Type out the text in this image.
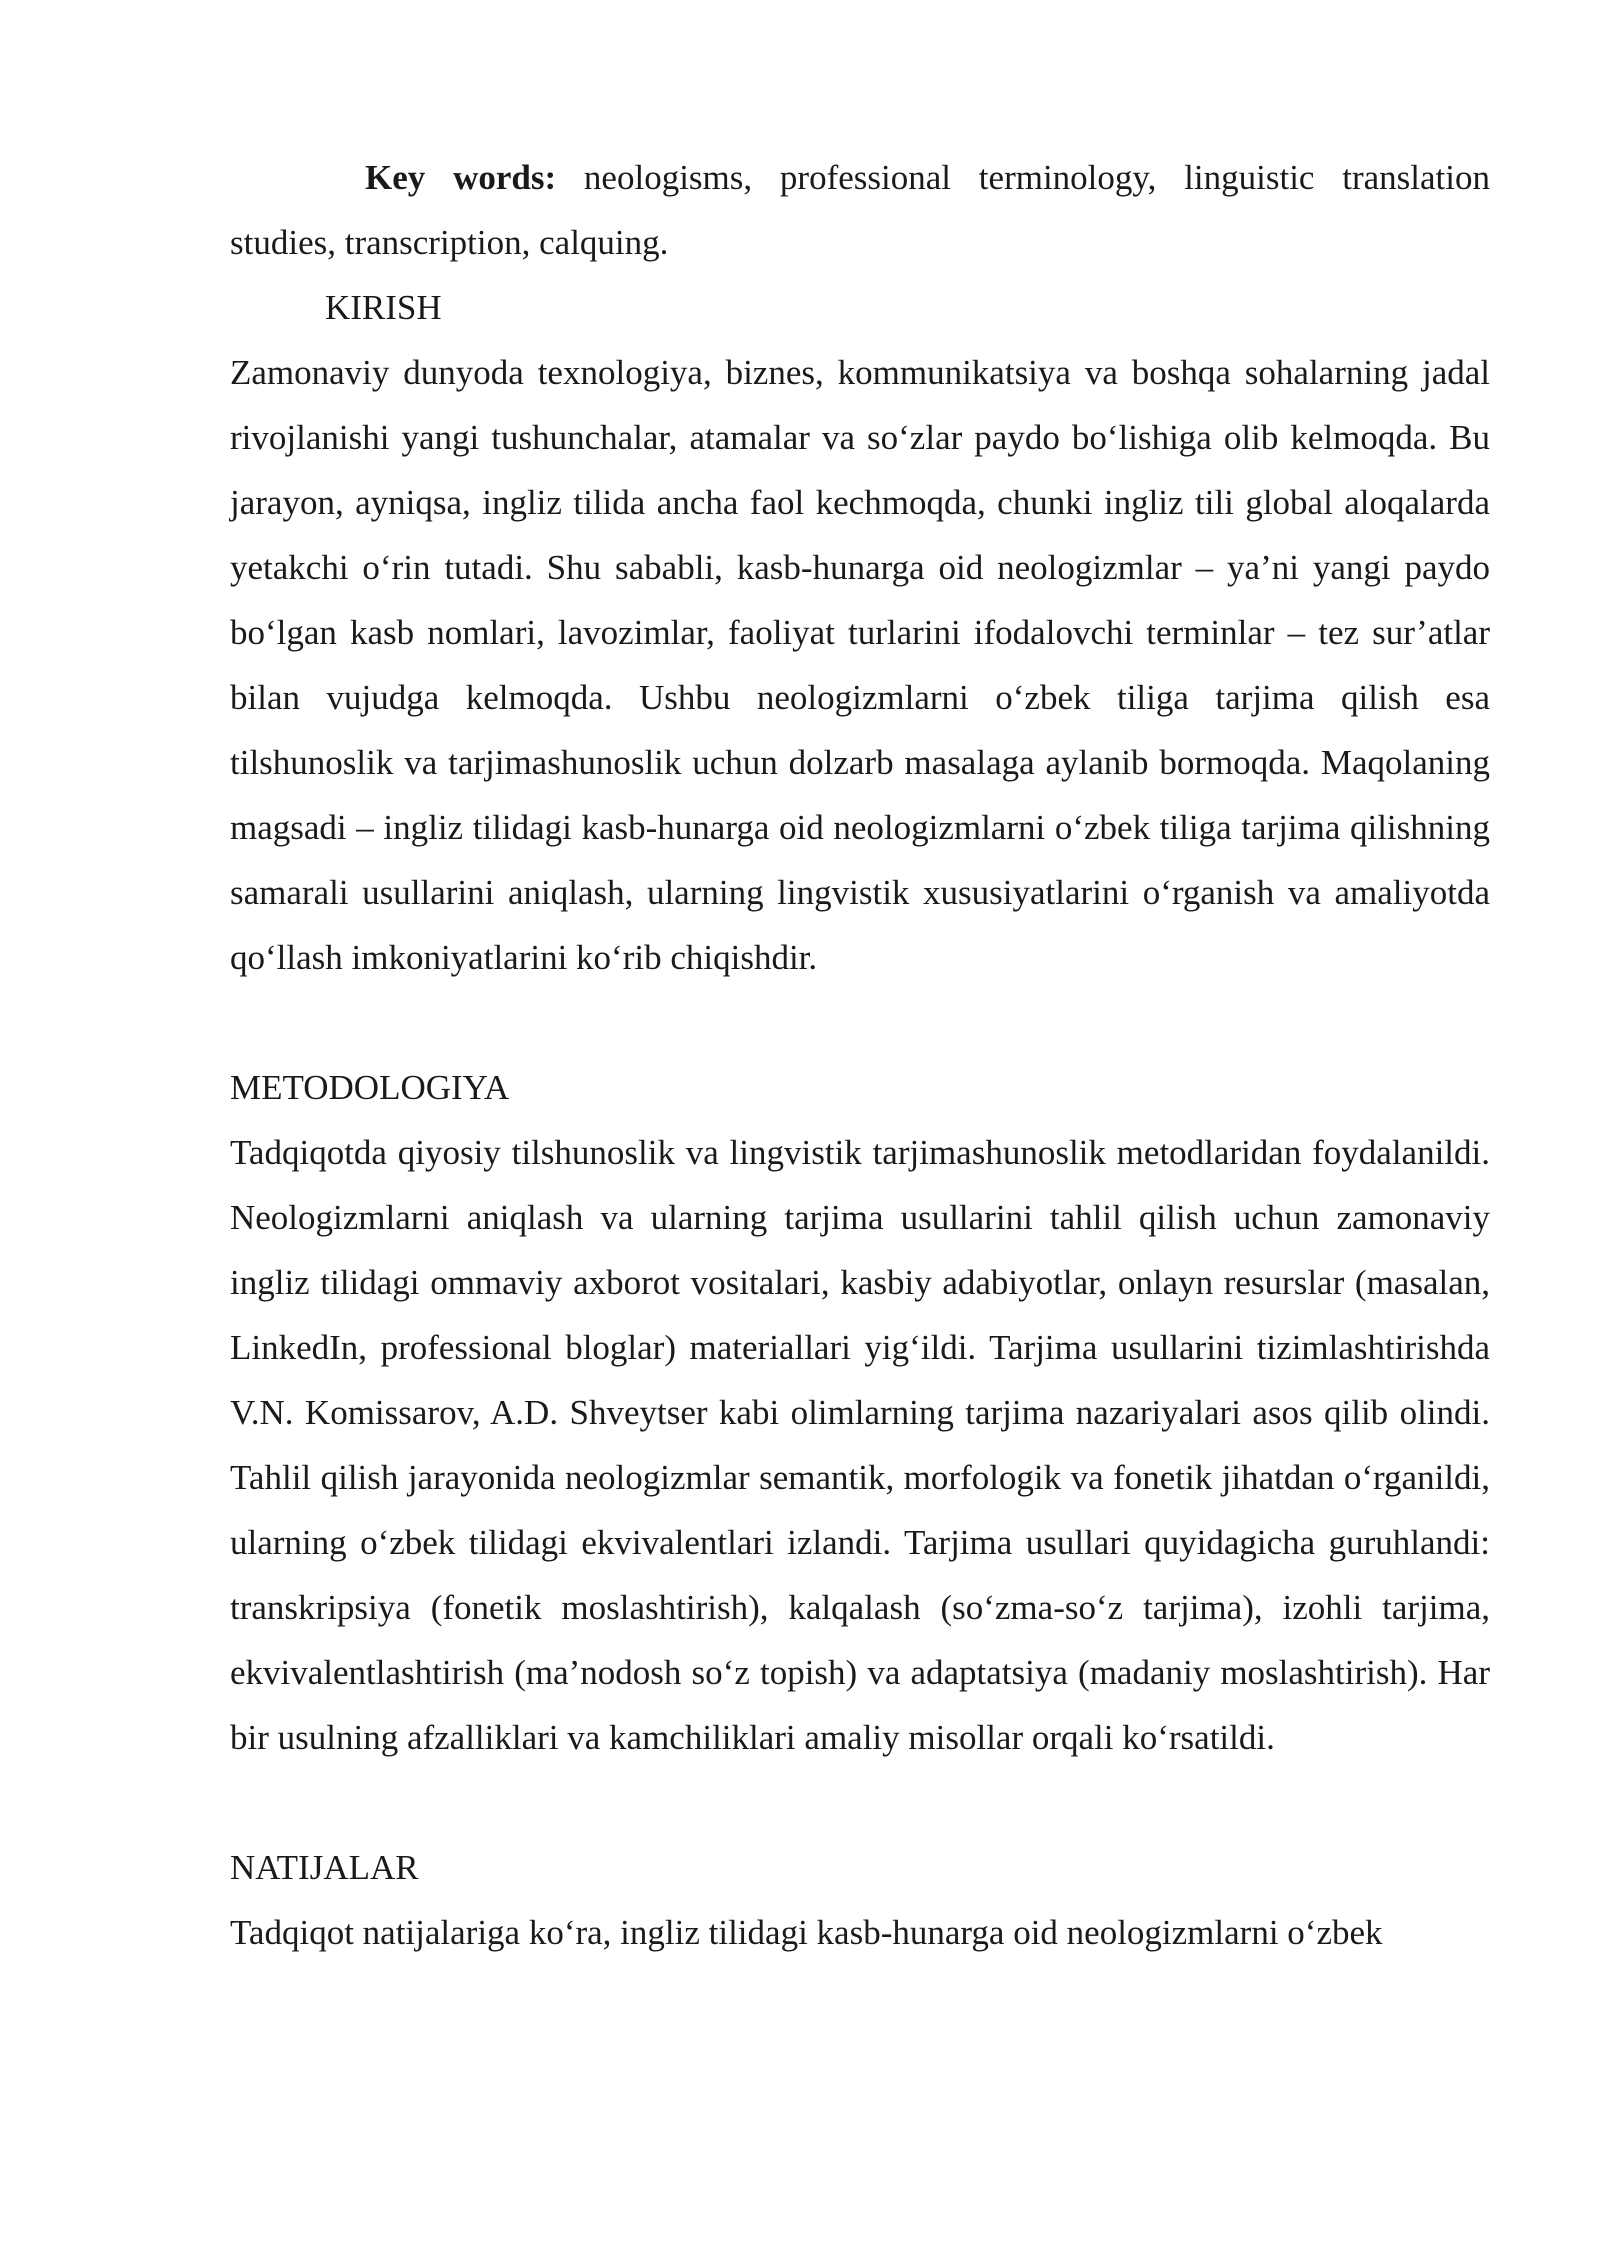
Key words: neologisms, professional terminology, linguistic translation studies, transcription, calquing.

KIRISH

Zamonaviy dunyoda texnologiya, biznes, kommunikatsiya va boshqa sohalarning jadal rivojlanishi yangi tushunchalar, atamalar va so‘zlar paydo bo‘lishiga olib kelmoqda. Bu jarayon, ayniqsa, ingliz tilida ancha faol kechmoqda, chunki ingliz tili global aloqalarda yetakchi o‘rin tutadi. Shu sababli, kasb-hunarga oid neologizmlar – ya’ni yangi paydo bo‘lgan kasb nomlari, lavozimlar, faoliyat turlarini ifodalovchi terminlar – tez sur’atlar bilan vujudga kelmoqda. Ushbu neologizmlarni o‘zbek tiliga tarjima qilish esa tilshunoslik va tarjimashunoslik uchun dolzarb masalaga aylanib bormoqda. Maqolaning magsadi – ingliz tilidagi kasb-hunarga oid neologizmlarni o‘zbek tiliga tarjima qilishning samarali usullarini aniqlash, ularning lingvistik xususiyatlarini o‘rganish va amaliyotda qo‘llash imkoniyatlarini ko‘rib chiqishdir.

METODOLOGIYA

Tadqiqotda qiyosiy tilshunoslik va lingvistik tarjimashunoslik metodlaridan foydalanildi. Neologizmlarni aniqlash va ularning tarjima usullarini tahlil qilish uchun zamonaviy ingliz tilidagi ommaviy axborot vositalari, kasbiy adabiyotlar, onlayn resurslar (masalan, LinkedIn, professional bloglar) materiallari yig‘ildi. Tarjima usullarini tizimlashtirishda V.N. Komissarov, A.D. Shveytser kabi olimlarning tarjima nazariyalari asos qilib olindi. Tahlil qilish jarayonida neologizmlar semantik, morfologik va fonetik jihatdan o‘rganildi, ularning o‘zbek tilidagi ekvivalentlari izlandi. Tarjima usullari quyidagicha guruhlandi: transkripsiya (fonetik moslashtirish), kalqalash (so‘zma-so‘z tarjima), izohli tarjima, ekvivalentlashtirish (ma’nodosh so‘z topish) va adaptatsiya (madaniy moslashtirish). Har bir usulning afzalliklari va kamchiliklari amaliy misollar orqali ko‘rsatildi.

NATIJALAR

Tadqiqot natijalariga ko‘ra, ingliz tilidagi kasb-hunarga oid neologizmlarni o‘zbek
